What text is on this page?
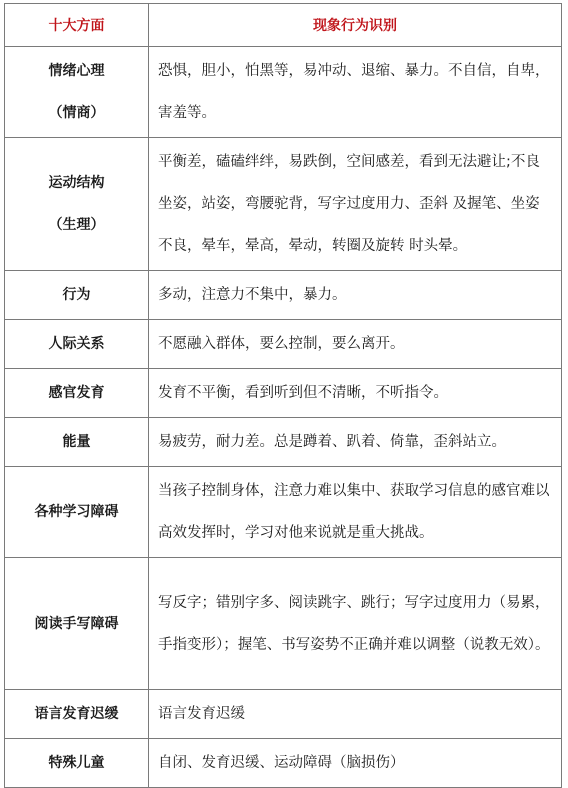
十大方面	现象行为识别

情绪心理
（情商）	恐惧，胆小，怕黑等，易冲动、退缩、暴力。不自信，自卑，害羞等。

运动结构
（生理）	平衡差，磕磕绊绊，易跌倒，空间感差，看到无法避让;不良坐姿，站姿，弯腰驼背，写字过度用力、歪斜 及握笔、坐姿不良，晕车，晕高，晕动，转圈及旋转 时头晕。
行为	多动，注意力不集中，暴力。
人际关系	不愿融入群体，要么控制，要么离开。
感官发育	发育不平衡，看到听到但不清晰，不听指令。
能量	易疲劳，耐力差。总是蹲着、趴着、倚靠，歪斜站立。
各种学习障碍	当孩子控制身体，注意力难以集中、获取学习信息的感官难以高效发挥时，学习对他来说就是重大挑战。
阅读手写障碍	写反字；错别字多、阅读跳字、跳行；写字过度用力（易累，手指变形）；握笔、书写姿势不正确并难以调整（说教无效）。
语言发育迟缓	语言发育迟缓
特殊儿童	自闭、发育迟缓、运动障碍（脑损伤）
